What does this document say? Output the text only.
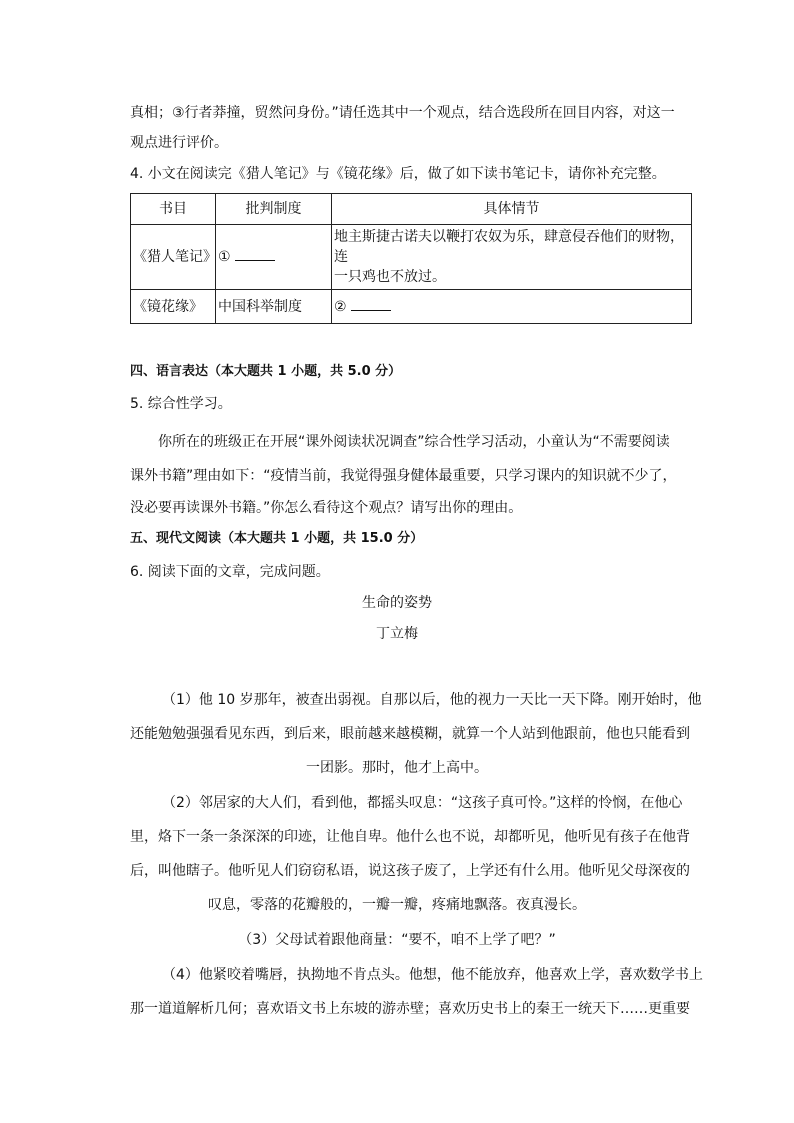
真相；③行者莽撞，贸然问身份。”请任选其中一个观点，结合选段所在回目内容，对这一
观点进行评价。
4. 小文在阅读完《猎人笔记》与《镜花缘》后，做了如下读书笔记卡，请你补充完整。
书目	批判制度	具体情节
《猎人笔记》	①	地主斯捷古诺夫以鞭打农奴为乐，肆意侵吞他们的财物，连
一只鸡也不放过。

《镜花缘》	中国科举制度	②
四、语言表达（本大题共 1 小题，共 5.0 分）
5. 综合性学习。
你所在的班级正在开展“课外阅读状况调查”综合性学习活动，小童认为“不需要阅读
课外书籍”理由如下：“疫情当前，我觉得强身健体最重要，只学习课内的知识就不少了，
没必要再读课外书籍。”你怎么看待这个观点？请写出你的理由。
五、现代文阅读（本大题共 1 小题，共 15.0 分）
6. 阅读下面的文章，完成问题。
生命的姿势
丁立梅
（1）他 10 岁那年，被查出弱视。自那以后，他的视力一天比一天下降。刚开始时，他
还能勉勉强强看见东西，到后来，眼前越来越模糊，就算一个人站到他跟前，他也只能看到
一团影。那时，他才上高中。
（2）邻居家的大人们，看到他，都摇头叹息：“这孩子真可怜。”这样的怜悯，在他心
里，烙下一条一条深深的印迹，让他自卑。他什么也不说，却都听见，他听见有孩子在他背
后，叫他瞎子。他听见人们窃窃私语，说这孩子废了，上学还有什么用。他听见父母深夜的
叹息，零落的花瓣般的，一瓣一瓣，疼痛地飘落。夜真漫长。
（3）父母试着跟他商量：“要不，咱不上学了吧？”
（4）他紧咬着嘴唇，执拗地不肯点头。他想，他不能放弃，他喜欢上学，喜欢数学书上
那一道道解析几何；喜欢语文书上东坡的游赤壁；喜欢历史书上的秦王一统天下……更重要
